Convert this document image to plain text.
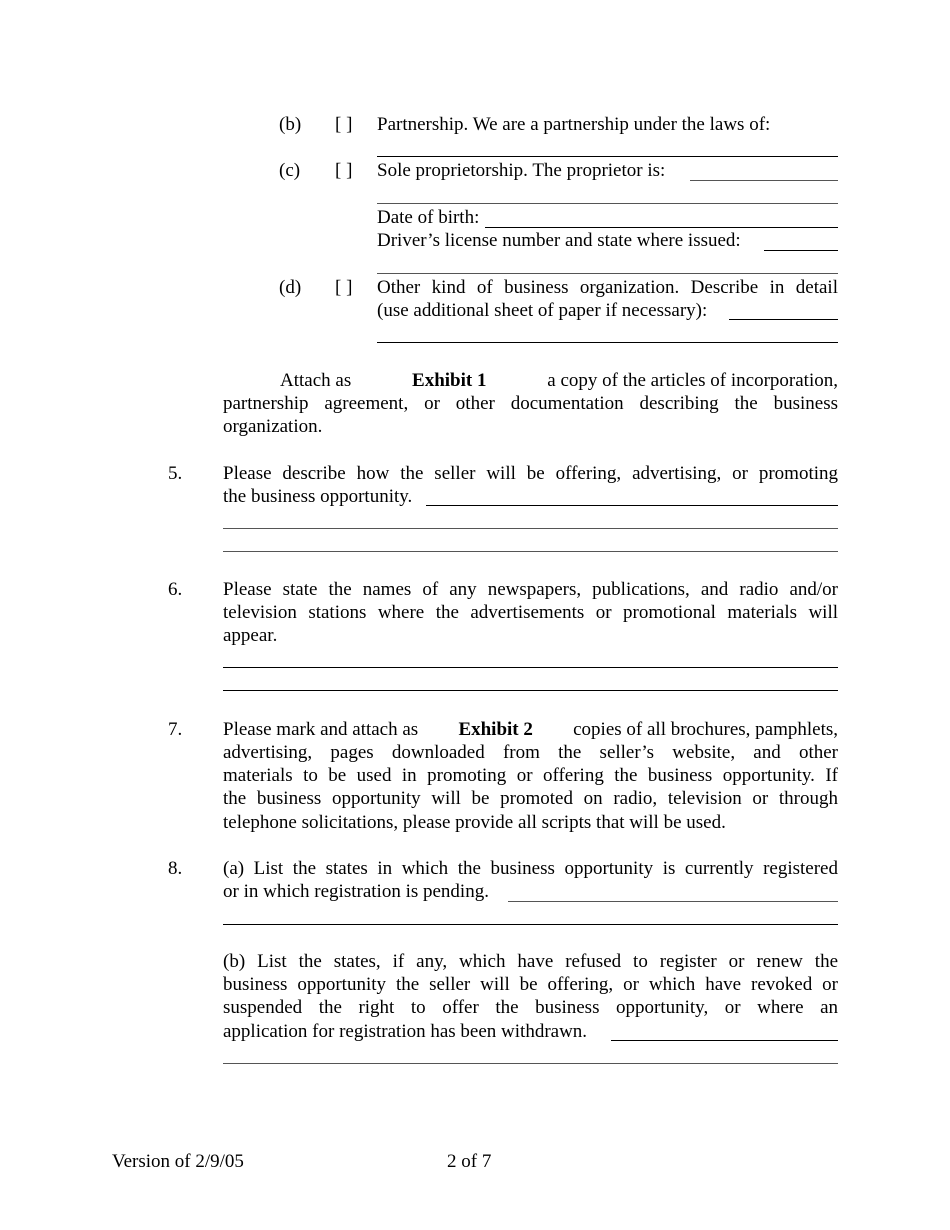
(b) [ ] Partnership. We are a partnership under the laws of:
(c) [ ] Sole proprietorship. The proprietor is:
Date of birth:
Driver’s license number and state where issued:
(d) [ ] Other kind of business organization. Describe in detail
(use additional sheet of paper if necessary):
Attach as	Exhibit 1	a copy of the articles of incorporation,
partnership agreement, or other documentation describing the business
organization.
5. Please describe how the seller will be offering, advertising, or promoting
the business opportunity.
6. Please state the names of any newspapers, publications, and radio and/or
television stations where the advertisements or promotional materials will
appear.
7. Please mark and attach as Exhibit 2 copies of all brochures, pamphlets,
advertising, pages downloaded from the seller’s website, and other
materials to be used in promoting or offering the business opportunity. If
the business opportunity will be promoted on radio, television or through
telephone solicitations, please provide all scripts that will be used.
8. (a) List the states in which the business opportunity is currently registered
or in which registration is pending.
(b) List the states, if any, which have refused to register or renew the
business opportunity the seller will be offering, or which have revoked or
suspended the right to offer the business opportunity, or where an
application for registration has been withdrawn.
Version of 2/9/05	2 of 7
